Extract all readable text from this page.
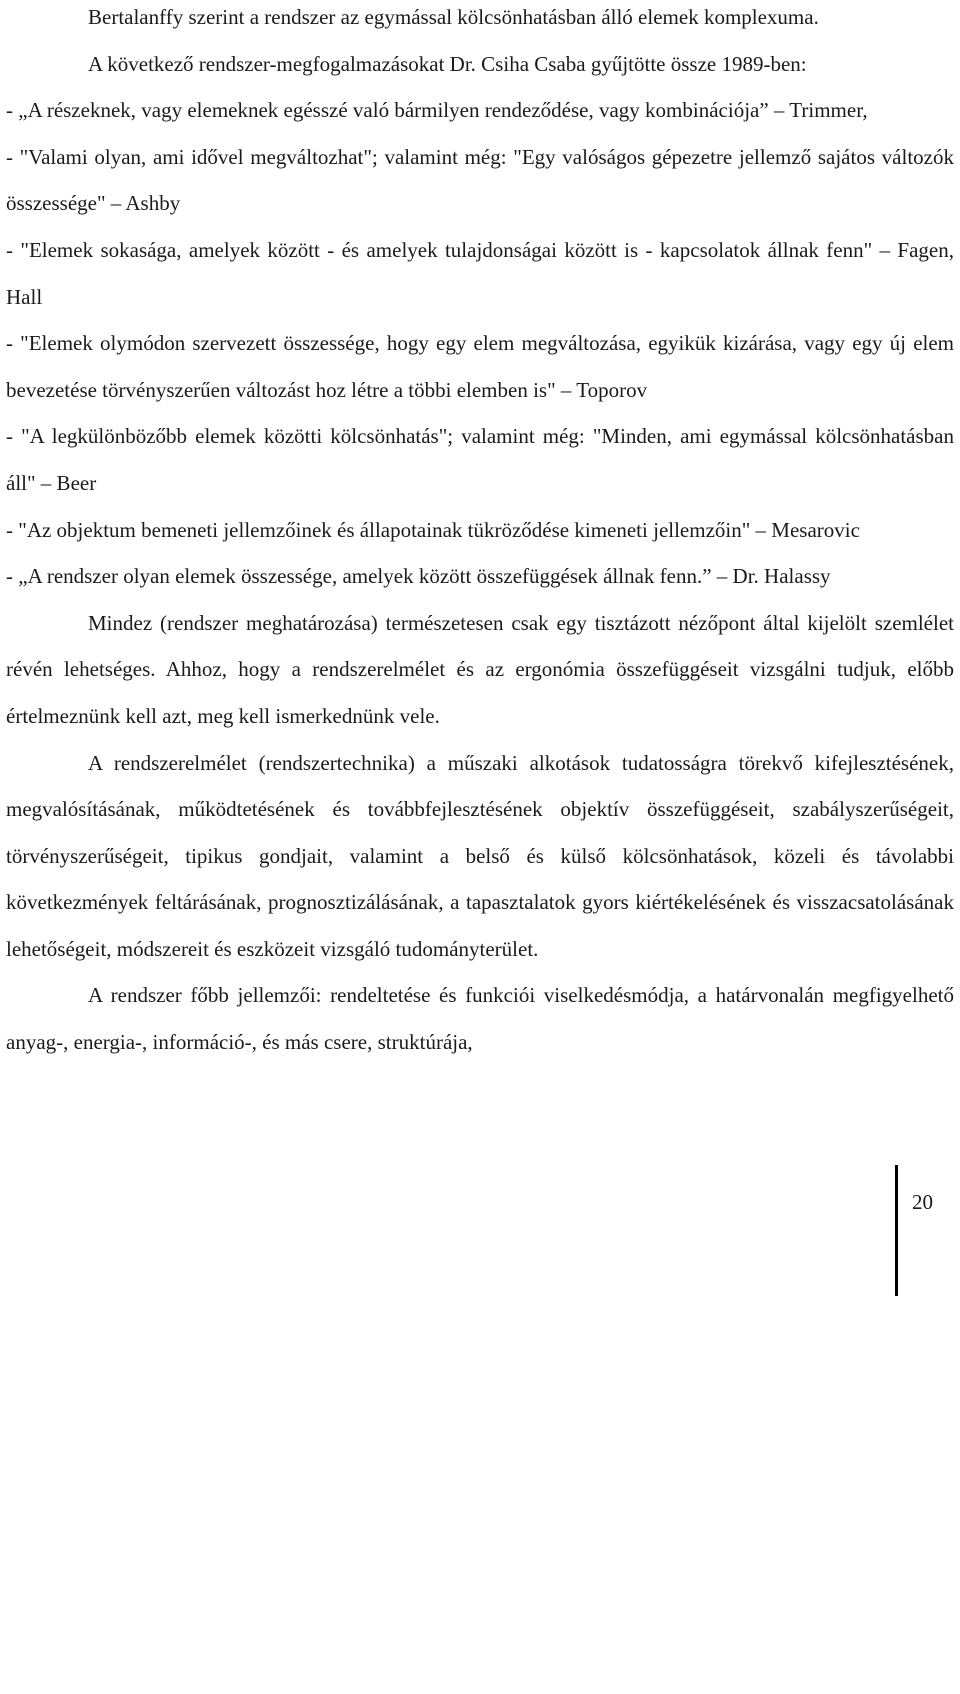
Bertalanffy szerint a rendszer az egymással kölcsönhatásban álló elemek komplexuma.

A következő rendszer-megfogalmazásokat Dr. Csiha Csaba gyűjtötte össze 1989-ben:

- „A részeknek, vagy elemeknek egésszé való bármilyen rendeződése, vagy kombinációja” – Trimmer,

- "Valami olyan, ami idővel megváltozhat"; valamint még: "Egy valóságos gépezetre jellemző sajátos változók összessége" – Ashby

- "Elemek sokasága, amelyek között - és amelyek tulajdonságai között is - kapcsolatok állnak fenn" – Fagen, Hall

- "Elemek olymódon szervezett összessége, hogy egy elem megváltozása, egyikük kizárása, vagy egy új elem bevezetése törvényszerűen változást hoz létre a többi elemben is" – Toporov

- "A legkülönbözőbb elemek közötti kölcsönhatás"; valamint még: "Minden, ami egymással kölcsönhatásban áll" – Beer

- "Az objektum bemeneti jellemzőinek és állapotainak tükröződése kimeneti jellemzőin" – Mesarovic

- „A rendszer olyan elemek összessége, amelyek között összefüggések állnak fenn.” – Dr. Halassy

Mindez (rendszer meghatározása) természetesen csak egy tisztázott nézőpont által kijelölt szemlélet révén lehetséges. Ahhoz, hogy a rendszerelmélet és az ergonómia összefüggéseit vizsgálni tudjuk, előbb értelmeznünk kell azt, meg kell ismerkednünk vele.

A rendszerelmélet (rendszertechnika) a műszaki alkotások tudatosságra törekvő kifejlesztésének, megvalósításának, működtetésének és továbbfejlesztésének objektív összefüggéseit, szabályszerűségeit, törvényszerűségeit, tipikus gondjait, valamint a belső és külső kölcsönhatások, közeli és távolabbi következmények feltárásának, prognosztizálásának, a tapasztalatok gyors kiértékelésének és visszacsatolásának lehetőségeit, módszereit és eszközeit vizsgáló tudományterület.

A rendszer főbb jellemzői: rendeltetése és funkciói viselkedésmódja, a határvonalán megfigyelhető anyag-, energia-, információ-, és más csere, struktúrája,

20
